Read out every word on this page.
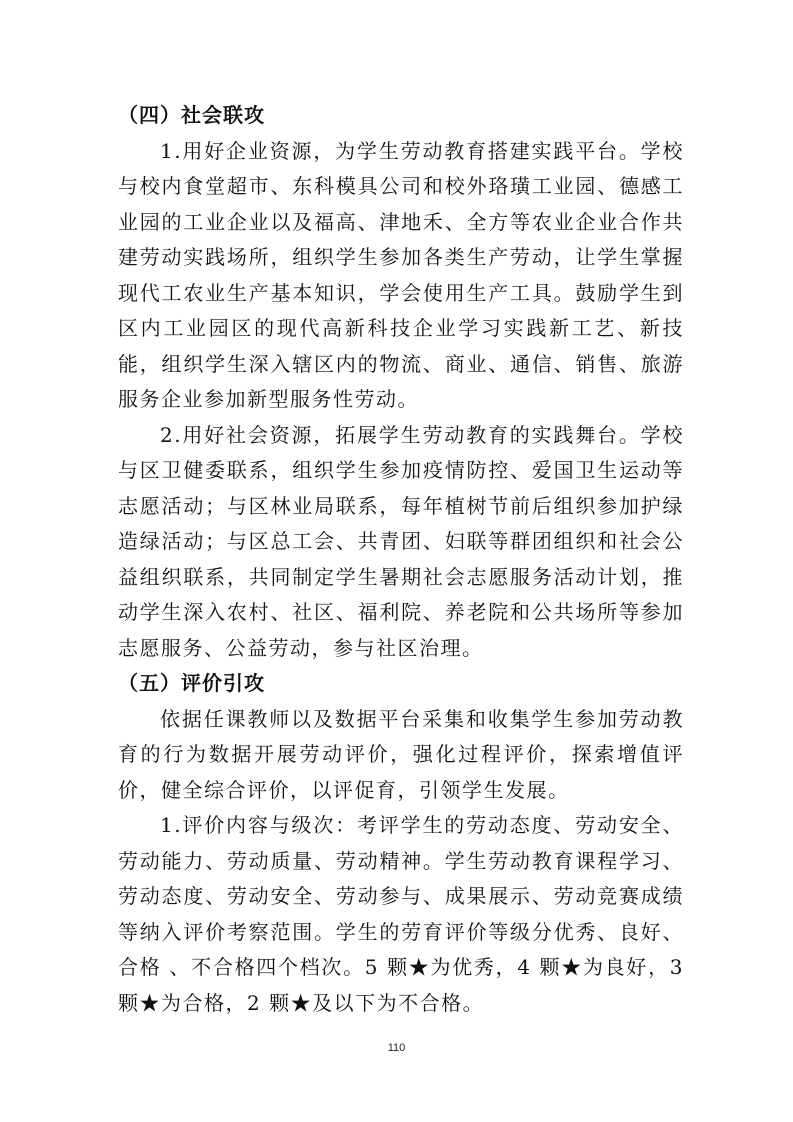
（四）社会联攻

1.用好企业资源，为学生劳动教育搭建实践平台。学校与校内食堂超市、东科模具公司和校外珞璜工业园、德感工业园的工业企业以及福高、津地禾、全方等农业企业合作共建劳动实践场所，组织学生参加各类生产劳动，让学生掌握现代工农业生产基本知识，学会使用生产工具。鼓励学生到区内工业园区的现代高新科技企业学习实践新工艺、新技能，组织学生深入辖区内的物流、商业、通信、销售、旅游服务企业参加新型服务性劳动。

2.用好社会资源，拓展学生劳动教育的实践舞台。学校与区卫健委联系，组织学生参加疫情防控、爱国卫生运动等志愿活动；与区林业局联系，每年植树节前后组织参加护绿造绿活动；与区总工会、共青团、妇联等群团组织和社会公益组织联系，共同制定学生暑期社会志愿服务活动计划，推动学生深入农村、社区、福利院、养老院和公共场所等参加志愿服务、公益劳动，参与社区治理。

（五）评价引攻

依据任课教师以及数据平台采集和收集学生参加劳动教育的行为数据开展劳动评价，强化过程评价，探索增值评价，健全综合评价，以评促育，引领学生发展。

1.评价内容与级次：考评学生的劳动态度、劳动安全、劳动能力、劳动质量、劳动精神。学生劳动教育课程学习、劳动态度、劳动安全、劳动参与、成果展示、劳动竞赛成绩等纳入评价考察范围。学生的劳育评价等级分优秀、良好、合格 、不合格四个档次。5 颗★为优秀，4 颗★为良好，3 颗★为合格，2 颗★及以下为不合格。

110
